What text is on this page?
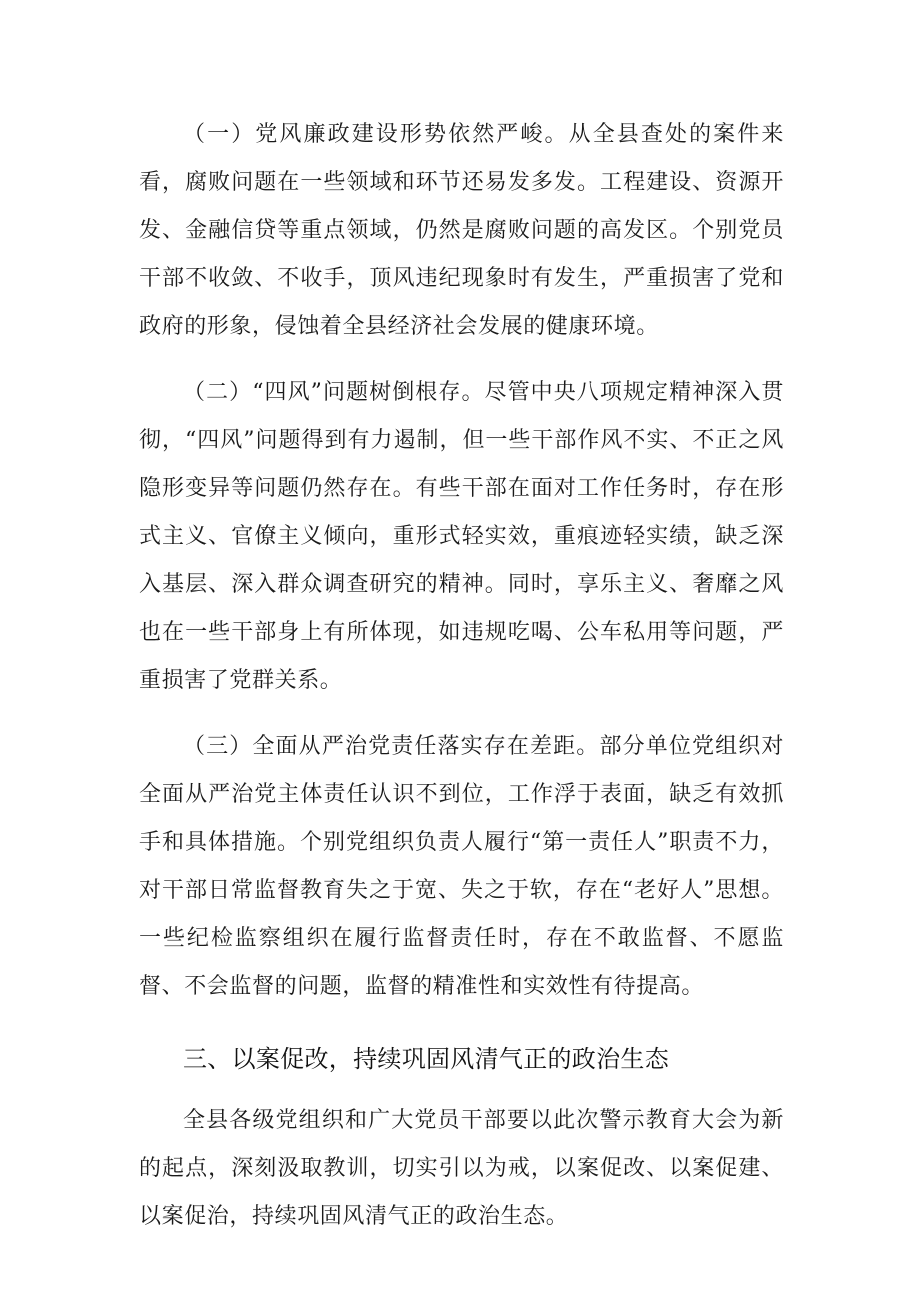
（一）党风廉政建设形势依然严峻。从全县查处的案件来看，腐败问题在一些领域和环节还易发多发。工程建设、资源开发、金融信贷等重点领域，仍然是腐败问题的高发区。个别党员干部不收敛、不收手，顶风违纪现象时有发生，严重损害了党和政府的形象，侵蚀着全县经济社会发展的健康环境。

（二）“四风”问题树倒根存。尽管中央八项规定精神深入贯彻，“四风”问题得到有力遏制，但一些干部作风不实、不正之风隐形变异等问题仍然存在。有些干部在面对工作任务时，存在形式主义、官僚主义倾向，重形式轻实效，重痕迹轻实绩，缺乏深入基层、深入群众调查研究的精神。同时，享乐主义、奢靡之风也在一些干部身上有所体现，如违规吃喝、公车私用等问题，严重损害了党群关系。

（三）全面从严治党责任落实存在差距。部分单位党组织对全面从严治党主体责任认识不到位，工作浮于表面，缺乏有效抓手和具体措施。个别党组织负责人履行“第一责任人”职责不力，对干部日常监督教育失之于宽、失之于软，存在“老好人”思想。一些纪检监察组织在履行监督责任时，存在不敢监督、不愿监督、不会监督的问题，监督的精准性和实效性有待提高。

三、以案促改，持续巩固风清气正的政治生态

全县各级党组织和广大党员干部要以此次警示教育大会为新的起点，深刻汲取教训，切实引以为戒，以案促改、以案促建、以案促治，持续巩固风清气正的政治生态。
